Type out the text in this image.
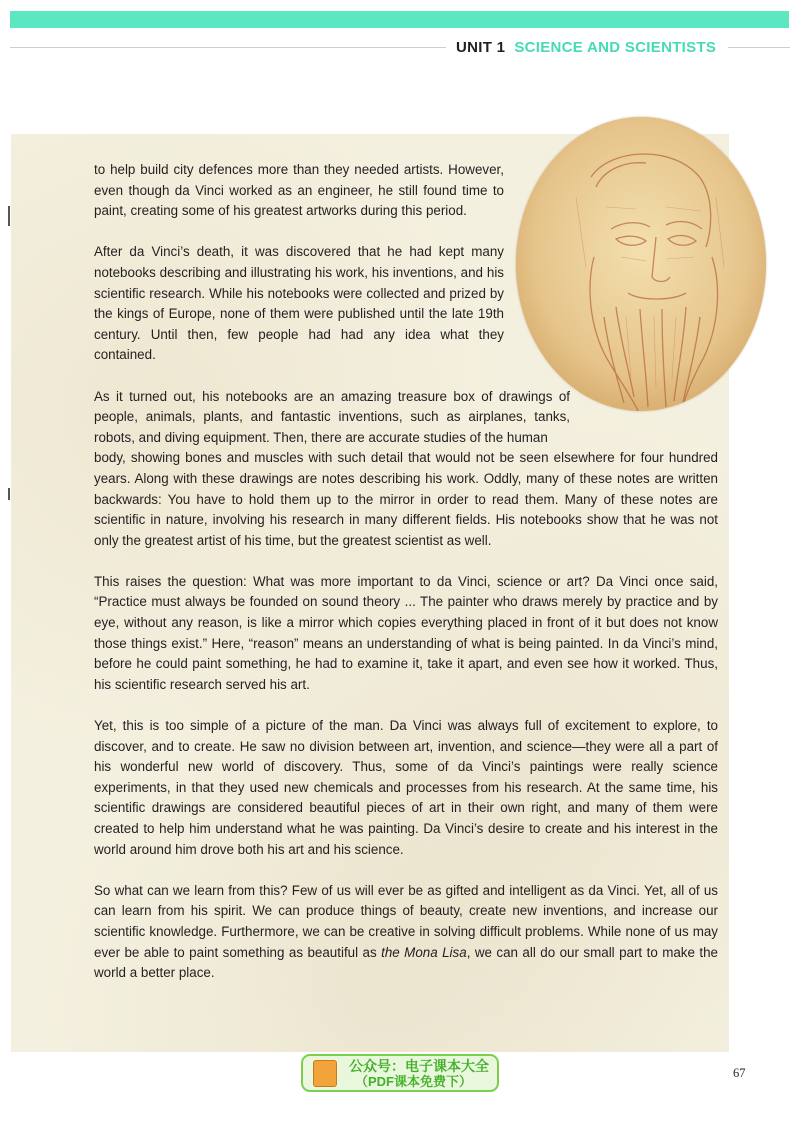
UNIT 1 SCIENCE AND SCIENTISTS

to help build city defences more than they needed artists. However, even though da Vinci worked as an engineer, he still found time to paint, creating some of his greatest artworks during this period.

After da Vinci’s death, it was discovered that he had kept many notebooks describing and illustrating his work, his inventions, and his scientific research. While his notebooks were collected and prized by the kings of Europe, none of them were published until the late 19th century. Until then, few people had had any idea what they contained.

As it turned out, his notebooks are an amazing treasure box of drawings of people, animals, plants, and fantastic inventions, such as airplanes, tanks, robots, and diving equipment. Then, there are accurate studies of the human

body, showing bones and muscles with such detail that would not be seen elsewhere for four hundred years. Along with these drawings are notes describing his work. Oddly, many of these notes are written backwards: You have to hold them up to the mirror in order to read them. Many of these notes are scientific in nature, involving his research in many different fields. His notebooks show that he was not only the greatest artist of his time, but the greatest scientist as well.

This raises the question: What was more important to da Vinci, science or art? Da Vinci once said, “Practice must always be founded on sound theory ... The painter who draws merely by practice and by eye, without any reason, is like a mirror which copies everything placed in front of it but does not know those things exist.” Here, “reason” means an understanding of what is being painted. In da Vinci’s mind, before he could paint something, he had to examine it, take it apart, and even see how it worked. Thus, his scientific research served his art.

Yet, this is too simple of a picture of the man. Da Vinci was always full of excitement to explore, to discover, and to create. He saw no division between art, invention, and science—they were all a part of his wonderful new world of discovery. Thus, some of da Vinci’s paintings were really science experiments, in that they used new chemicals and processes from his research. At the same time, his scientific drawings are considered beautiful pieces of art in their own right, and many of them were created to help him understand what he was painting. Da Vinci’s desire to create and his interest in the world around him drove both his art and his science.

So what can we learn from this? Few of us will ever be as gifted and intelligent as da Vinci. Yet, all of us can learn from his spirit. We can produce things of beauty, create new inventions, and increase our scientific knowledge. Furthermore, we can be creative in solving difficult problems. While none of us may ever be able to paint something as beautiful as the Mona Lisa, we can all do our small part to make the world a better place.

公众号：电子课本大全
（PDF课本免费下）
67
